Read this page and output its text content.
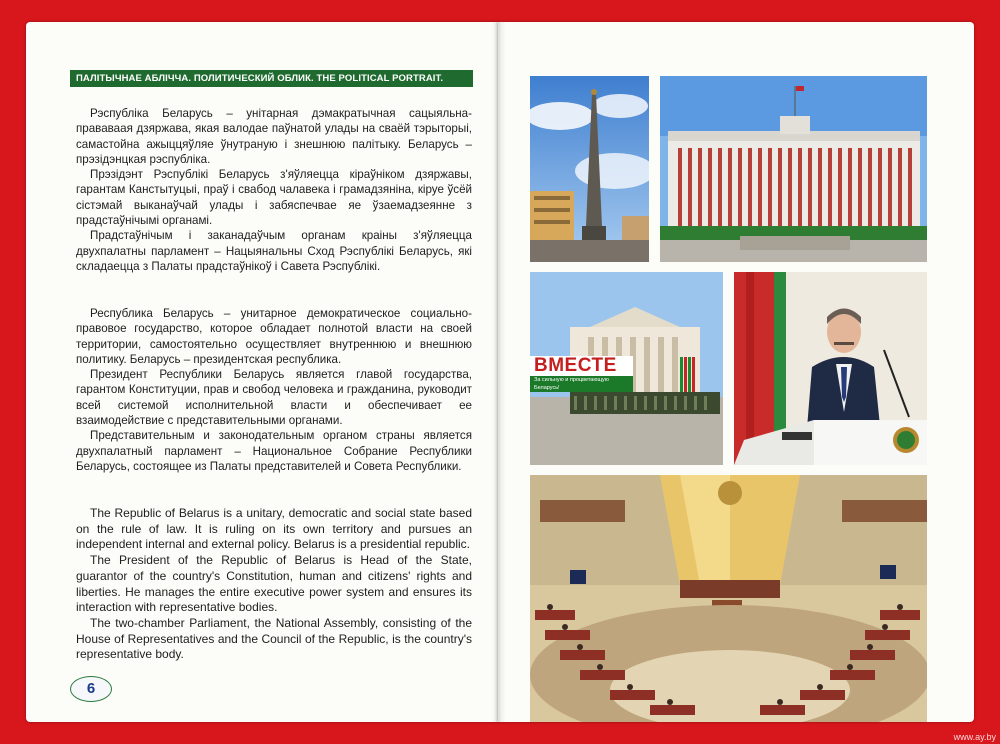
ПАЛІТЫЧНАЕ АБЛІЧЧА. ПОЛИТИЧЕСКИЙ ОБЛИК. THE POLITICAL PORTRAIT.

Рэспубліка Беларусь – унітарная дэмакратычная сацыяльна-прававаая дзяржава, якая валодае паўнатой улады на сваёй тэрыторыі, самастойна ажыццяўляе ўнутраную і знешнюю палітыку. Беларусь – прэзідэнцкая рэспубліка.

Прэзідэнт Рэспублікі Беларусь з'яўляецца кіраўніком дзяржавы, гарантам Канстытуцыі, праў і свабод чалавека і грамадзяніна, кіруе ўсёй сістэмай выканаўчай улады і забяспечвае яе ўзаемадзеянне з прадстаўнічымі органамі.

Прадстаўнічым і заканадаўчым органам краіны з'яўляецца двухпалатны парламент – Нацыянальны Сход Рэспублікі Беларусь, які складаецца з Палаты прадстаўнікоў і Савета Рэспублікі.

Республика Беларусь – унитарное демократическое социально-правовое государство, которое обладает полнотой власти на своей территории, самостоятельно осуществляет внутреннюю и внешнюю политику. Беларусь – президентская республика.

Президент Республики Беларусь является главой государства, гарантом Конституции, прав и свобод человека и гражданина, руководит всей системой исполнительной власти и обеспечивает ее взаимодействие с представительными органами.

Представительным и законодательным органом страны является двухпалатный парламент – Национальное Собрание Республики Беларусь, состоящее из Палаты представителей и Совета Республики.

The Republic of Belarus is a unitary, democratic and social state based on the rule of law. It is ruling on its own territory and pursues an independent internal and external policy. Belarus is a presidential republic.

The President of the Republic of Belarus is Head of the State, guarantor of the country's Constitution, human and citizens' rights and liberties. He manages the entire executive power system and ensures its interaction with representative bodies.

The two-chamber Parliament, the National Assembly, consisting of the House of Representatives and the Council of the Republic, is the country's representative body.

6
ВМЕСТЕ
За сильную и процветающую Беларусь!
www.ay.by
